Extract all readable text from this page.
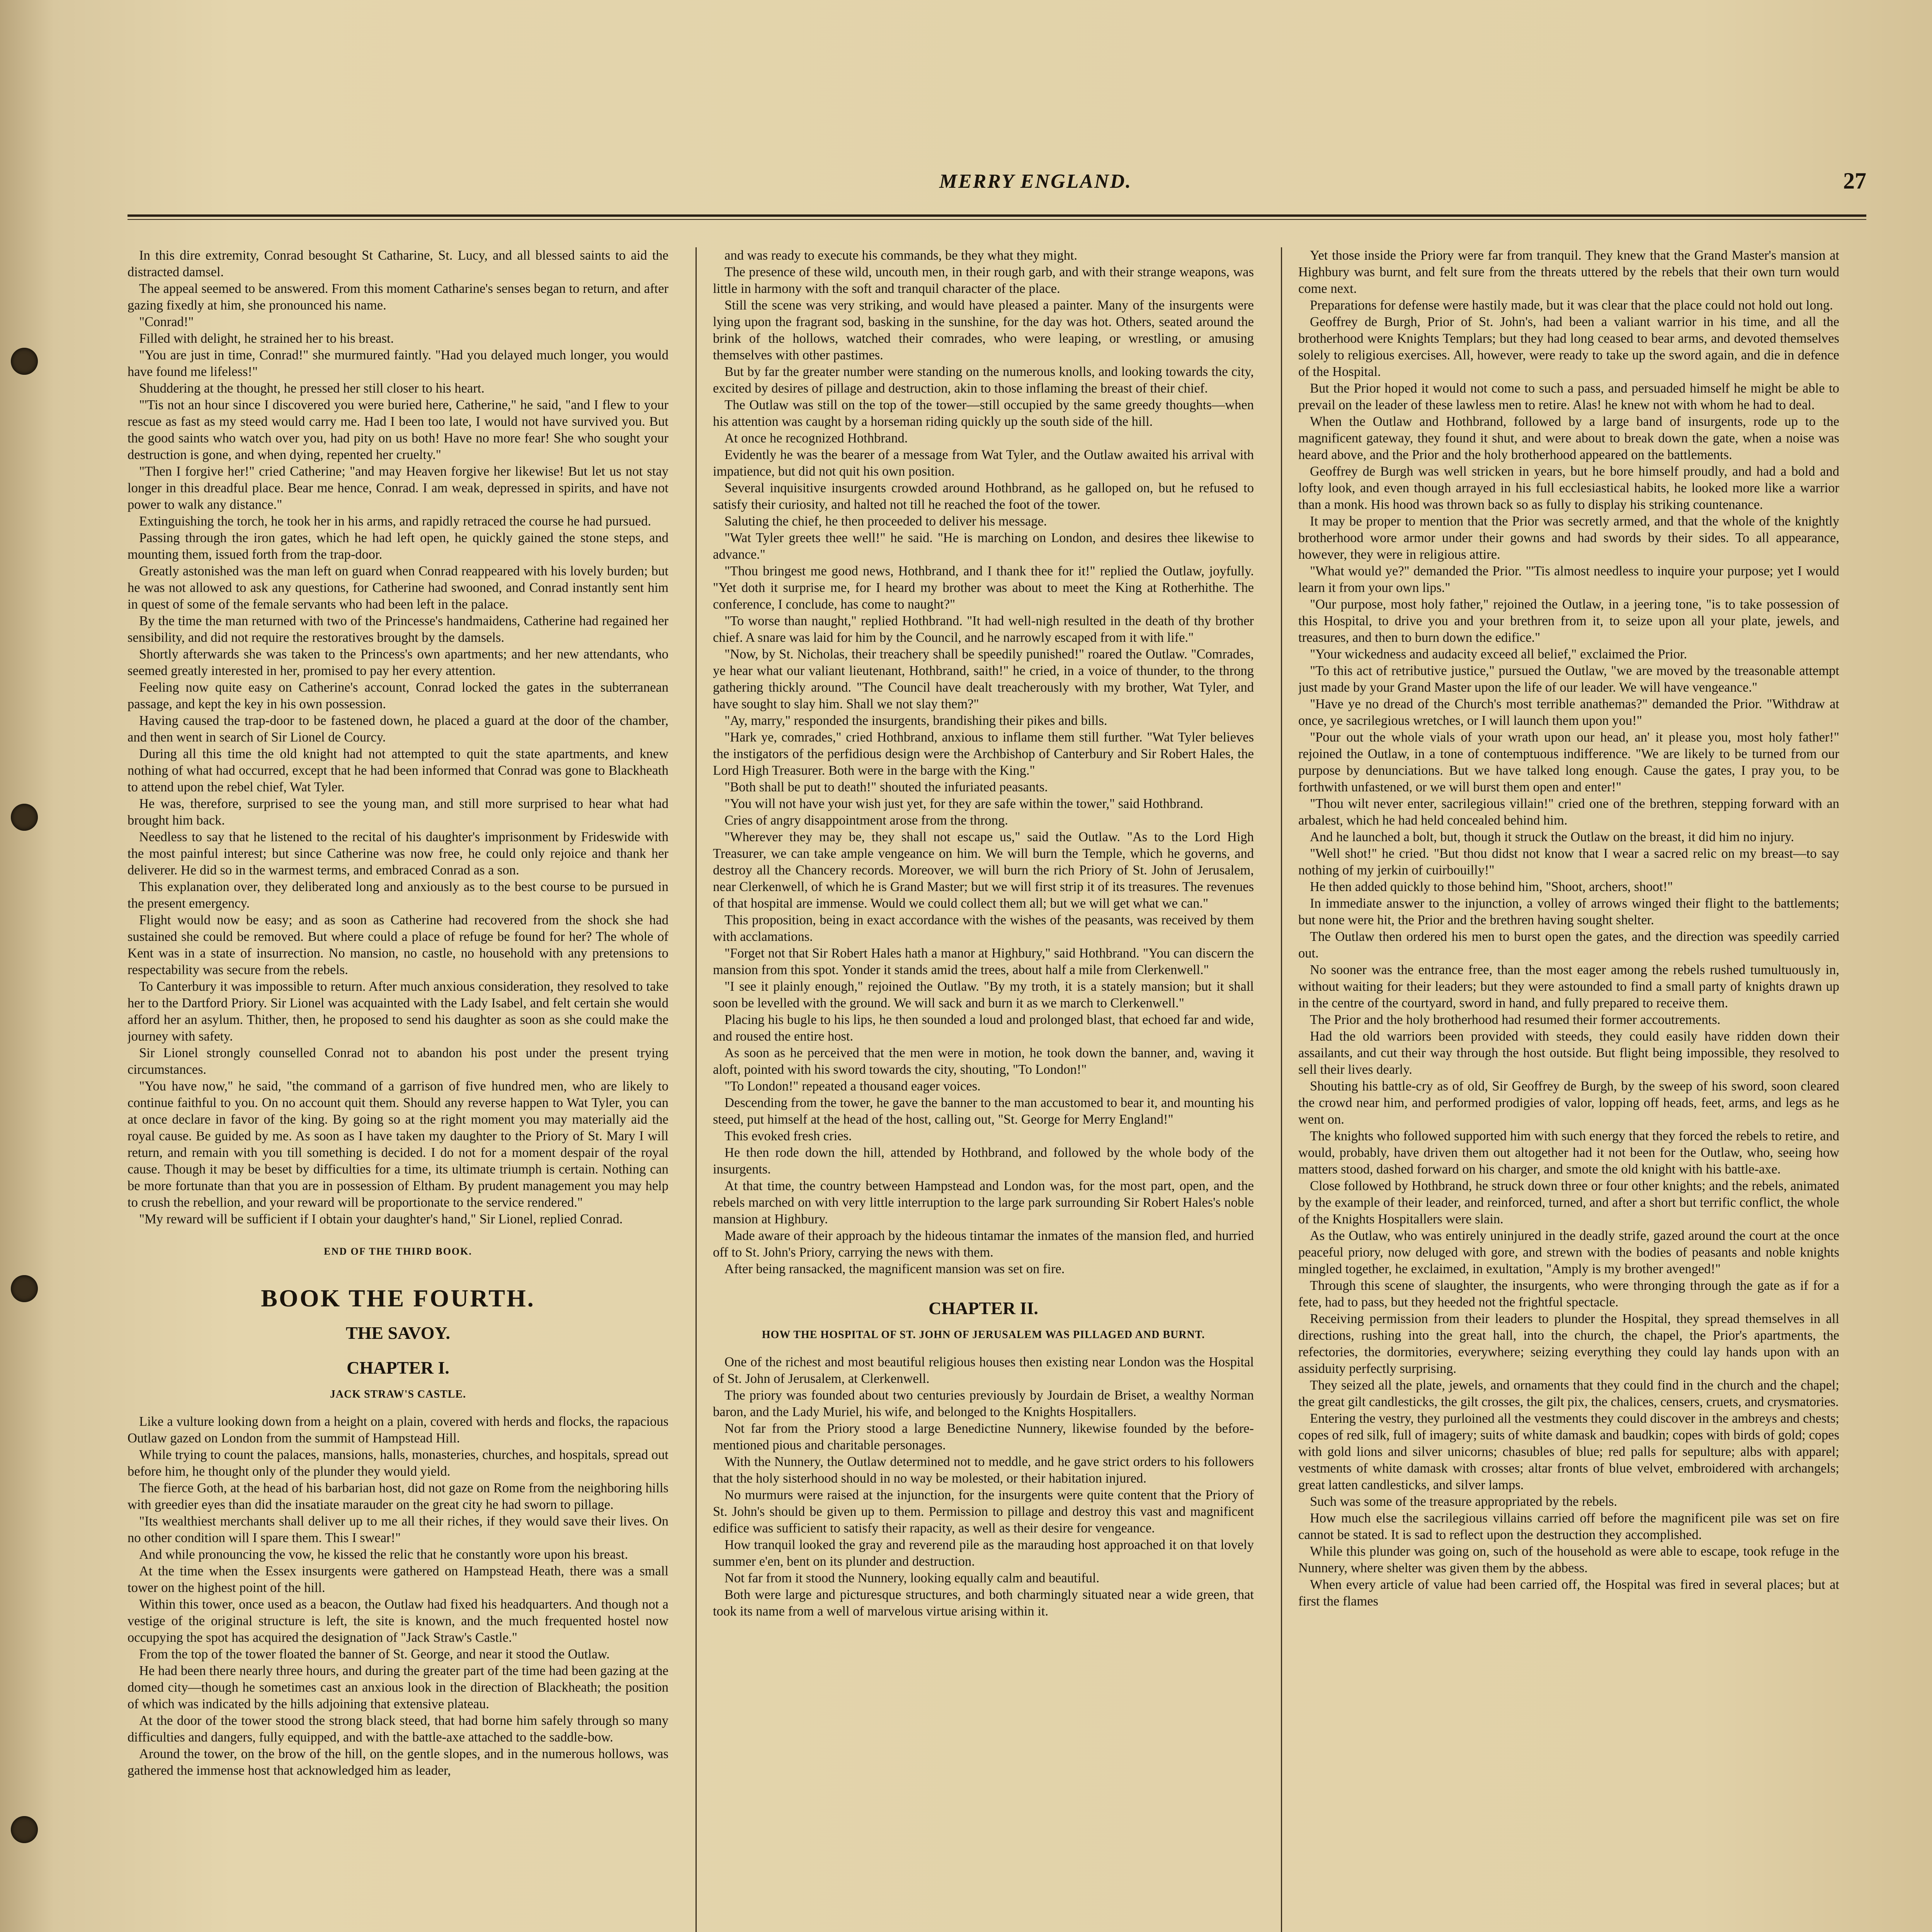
MERRY ENGLAND.	27

In this dire extremity, Conrad besought St Catharine, St. Lucy, and all blessed saints to aid the distracted damsel.

The appeal seemed to be answered. From this moment Catharine's senses began to return, and after gazing fixedly at him, she pronounced his name.

"Conrad!"

Filled with delight, he strained her to his breast.

"You are just in time, Conrad!" she murmured faintly. "Had you delayed much longer, you would have found me lifeless!"

Shuddering at the thought, he pressed her still closer to his heart.

"'Tis not an hour since I discovered you were buried here, Catherine," he said, "and I flew to your rescue as fast as my steed would carry me. Had I been too late, I would not have survived you. But the good saints who watch over you, had pity on us both! Have no more fear! She who sought your destruction is gone, and when dying, repented her cruelty."

"Then I forgive her!" cried Catherine; "and may Heaven forgive her likewise! But let us not stay longer in this dreadful place. Bear me hence, Conrad. I am weak, depressed in spirits, and have not power to walk any distance."

Extinguishing the torch, he took her in his arms, and rapidly retraced the course he had pursued.

Passing through the iron gates, which he had left open, he quickly gained the stone steps, and mounting them, issued forth from the trap-door.

Greatly astonished was the man left on guard when Conrad reappeared with his lovely burden; but he was not allowed to ask any questions, for Catherine had swooned, and Conrad instantly sent him in quest of some of the female servants who had been left in the palace.

By the time the man returned with two of the Princesse's handmaidens, Catherine had regained her sensibility, and did not require the restoratives brought by the damsels.

Shortly afterwards she was taken to the Princess's own apartments; and her new attendants, who seemed greatly interested in her, promised to pay her every attention.

Feeling now quite easy on Catherine's account, Conrad locked the gates in the subterranean passage, and kept the key in his own possession.

Having caused the trap-door to be fastened down, he placed a guard at the door of the chamber, and then went in search of Sir Lionel de Courcy.

During all this time the old knight had not attempted to quit the state apartments, and knew nothing of what had occurred, except that he had been informed that Conrad was gone to Blackheath to attend upon the rebel chief, Wat Tyler.

He was, therefore, surprised to see the young man, and still more surprised to hear what had brought him back.

Needless to say that he listened to the recital of his daughter's imprisonment by Frideswide with the most painful interest; but since Catherine was now free, he could only rejoice and thank her deliverer. He did so in the warmest terms, and embraced Conrad as a son.

This explanation over, they deliberated long and anxiously as to the best course to be pursued in the present emergency.

Flight would now be easy; and as soon as Catherine had recovered from the shock she had sustained she could be removed. But where could a place of refuge be found for her? The whole of Kent was in a state of insurrection. No mansion, no castle, no household with any pretensions to respectability was secure from the rebels.

To Canterbury it was impossible to return. After much anxious consideration, they resolved to take her to the Dartford Priory. Sir Lionel was acquainted with the Lady Isabel, and felt certain she would afford her an asylum. Thither, then, he proposed to send his daughter as soon as she could make the journey with safety.

Sir Lionel strongly counselled Conrad not to abandon his post under the present trying circumstances.

"You have now," he said, "the command of a garrison of five hundred men, who are likely to continue faithful to you. On no account quit them. Should any reverse happen to Wat Tyler, you can at once declare in favor of the king. By going so at the right moment you may materially aid the royal cause. Be guided by me. As soon as I have taken my daughter to the Priory of St. Mary I will return, and remain with you till something is decided. I do not for a moment despair of the royal cause. Though it may be beset by difficulties for a time, its ultimate triumph is certain. Nothing can be more fortunate than that you are in possession of Eltham. By prudent management you may help to crush the rebellion, and your reward will be proportionate to the service rendered."

"My reward will be sufficient if I obtain your daughter's hand," Sir Lionel, replied Conrad.

END OF THE THIRD BOOK.
BOOK THE FOURTH.
THE SAVOY.
CHAPTER I.
JACK STRAW'S CASTLE.

Like a vulture looking down from a height on a plain, covered with herds and flocks, the rapacious Outlaw gazed on London from the summit of Hampstead Hill.

While trying to count the palaces, mansions, halls, monasteries, churches, and hospitals, spread out before him, he thought only of the plunder they would yield.

The fierce Goth, at the head of his barbarian host, did not gaze on Rome from the neighboring hills with greedier eyes than did the insatiate marauder on the great city he had sworn to pillage.

"Its wealthiest merchants shall deliver up to me all their riches, if they would save their lives. On no other condition will I spare them. This I swear!"

And while pronouncing the vow, he kissed the relic that he constantly wore upon his breast.

At the time when the Essex insurgents were gathered on Hampstead Heath, there was a small tower on the highest point of the hill.

Within this tower, once used as a beacon, the Outlaw had fixed his headquarters. And though not a vestige of the original structure is left, the site is known, and the much frequented hostel now occupying the spot has acquired the designation of "Jack Straw's Castle."

From the top of the tower floated the banner of St. George, and near it stood the Outlaw.

He had been there nearly three hours, and during the greater part of the time had been gazing at the domed city—though he sometimes cast an anxious look in the direction of Blackheath; the position of which was indicated by the hills adjoining that extensive plateau.

At the door of the tower stood the strong black steed, that had borne him safely through so many difficulties and dangers, fully equipped, and with the battle-axe attached to the saddle-bow.

Around the tower, on the brow of the hill, on the gentle slopes, and in the numerous hollows, was gathered the immense host that acknowledged him as leader,

and was ready to execute his commands, be they what they might.

The presence of these wild, uncouth men, in their rough garb, and with their strange weapons, was little in harmony with the soft and tranquil character of the place.

Still the scene was very striking, and would have pleased a painter. Many of the insurgents were lying upon the fragrant sod, basking in the sunshine, for the day was hot. Others, seated around the brink of the hollows, watched their comrades, who were leaping, or wrestling, or amusing themselves with other pastimes.

But by far the greater number were standing on the numerous knolls, and looking towards the city, excited by desires of pillage and destruction, akin to those inflaming the breast of their chief.

The Outlaw was still on the top of the tower—still occupied by the same greedy thoughts—when his attention was caught by a horseman riding quickly up the south side of the hill.

At once he recognized Hothbrand.

Evidently he was the bearer of a message from Wat Tyler, and the Outlaw awaited his arrival with impatience, but did not quit his own position.

Several inquisitive insurgents crowded around Hothbrand, as he galloped on, but he refused to satisfy their curiosity, and halted not till he reached the foot of the tower.

Saluting the chief, he then proceeded to deliver his message.

"Wat Tyler greets thee well!" he said. "He is marching on London, and desires thee likewise to advance."

"Thou bringest me good news, Hothbrand, and I thank thee for it!" replied the Outlaw, joyfully. "Yet doth it surprise me, for I heard my brother was about to meet the King at Rotherhithe. The conference, I conclude, has come to naught?"

"To worse than naught," replied Hothbrand. "It had well-nigh resulted in the death of thy brother chief. A snare was laid for him by the Council, and he narrowly escaped from it with life."

"Now, by St. Nicholas, their treachery shall be speedily punished!" roared the Outlaw. "Comrades, ye hear what our valiant lieutenant, Hothbrand, saith!" he cried, in a voice of thunder, to the throng gathering thickly around. "The Council have dealt treacherously with my brother, Wat Tyler, and have sought to slay him. Shall we not slay them?"

"Ay, marry," responded the insurgents, brandishing their pikes and bills.

"Hark ye, comrades," cried Hothbrand, anxious to inflame them still further. "Wat Tyler believes the instigators of the perfidious design were the Archbishop of Canterbury and Sir Robert Hales, the Lord High Treasurer. Both were in the barge with the King."

"Both shall be put to death!" shouted the infuriated peasants.

"You will not have your wish just yet, for they are safe within the tower," said Hothbrand.

Cries of angry disappointment arose from the throng.

"Wherever they may be, they shall not escape us," said the Outlaw. "As to the Lord High Treasurer, we can take ample vengeance on him. We will burn the Temple, which he governs, and destroy all the Chancery records. Moreover, we will burn the rich Priory of St. John of Jerusalem, near Clerkenwell, of which he is Grand Master; but we will first strip it of its treasures. The revenues of that hospital are immense. Would we could collect them all; but we will get what we can."

This proposition, being in exact accordance with the wishes of the peasants, was received by them with acclamations.

"Forget not that Sir Robert Hales hath a manor at Highbury," said Hothbrand. "You can discern the mansion from this spot. Yonder it stands amid the trees, about half a mile from Clerkenwell."

"I see it plainly enough," rejoined the Outlaw. "By my troth, it is a stately mansion; but it shall soon be levelled with the ground. We will sack and burn it as we march to Clerkenwell."

Placing his bugle to his lips, he then sounded a loud and prolonged blast, that echoed far and wide, and roused the entire host.

As soon as he perceived that the men were in motion, he took down the banner, and, waving it aloft, pointed with his sword towards the city, shouting, "To London!"

"To London!" repeated a thousand eager voices.

Descending from the tower, he gave the banner to the man accustomed to bear it, and mounting his steed, put himself at the head of the host, calling out, "St. George for Merry England!"

This evoked fresh cries.

He then rode down the hill, attended by Hothbrand, and followed by the whole body of the insurgents.

At that time, the country between Hampstead and London was, for the most part, open, and the rebels marched on with very little interruption to the large park surrounding Sir Robert Hales's noble mansion at Highbury.

Made aware of their approach by the hideous tintamar the inmates of the mansion fled, and hurried off to St. John's Priory, carrying the news with them.

After being ransacked, the magnificent mansion was set on fire.

CHAPTER II.
HOW THE HOSPITAL OF ST. JOHN OF JERUSALEM WAS PILLAGED AND BURNT.

One of the richest and most beautiful religious houses then existing near London was the Hospital of St. John of Jerusalem, at Clerkenwell.

The priory was founded about two centuries previously by Jourdain de Briset, a wealthy Norman baron, and the Lady Muriel, his wife, and belonged to the Knights Hospitallers.

Not far from the Priory stood a large Benedictine Nunnery, likewise founded by the before-mentioned pious and charitable personages.

With the Nunnery, the Outlaw determined not to meddle, and he gave strict orders to his followers that the holy sisterhood should in no way be molested, or their habitation injured.

No murmurs were raised at the injunction, for the insurgents were quite content that the Priory of St. John's should be given up to them. Permission to pillage and destroy this vast and magnificent edifice was sufficient to satisfy their rapacity, as well as their desire for vengeance.

How tranquil looked the gray and reverend pile as the marauding host approached it on that lovely summer e'en, bent on its plunder and destruction.

Not far from it stood the Nunnery, looking equally calm and beautiful.

Both were large and picturesque structures, and both charmingly situated near a wide green, that took its name from a well of marvelous virtue arising within it.

Yet those inside the Priory were far from tranquil. They knew that the Grand Master's mansion at Highbury was burnt, and felt sure from the threats uttered by the rebels that their own turn would come next.

Preparations for defense were hastily made, but it was clear that the place could not hold out long.

Geoffrey de Burgh, Prior of St. John's, had been a valiant warrior in his time, and all the brotherhood were Knights Templars; but they had long ceased to bear arms, and devoted themselves solely to religious exercises. All, however, were ready to take up the sword again, and die in defence of the Hospital.

But the Prior hoped it would not come to such a pass, and persuaded himself he might be able to prevail on the leader of these lawless men to retire. Alas! he knew not with whom he had to deal.

When the Outlaw and Hothbrand, followed by a large band of insurgents, rode up to the magnificent gateway, they found it shut, and were about to break down the gate, when a noise was heard above, and the Prior and the holy brotherhood appeared on the battlements.

Geoffrey de Burgh was well stricken in years, but he bore himself proudly, and had a bold and lofty look, and even though arrayed in his full ecclesiastical habits, he looked more like a warrior than a monk. His hood was thrown back so as fully to display his striking countenance.

It may be proper to mention that the Prior was secretly armed, and that the whole of the knightly brotherhood wore armor under their gowns and had swords by their sides. To all appearance, however, they were in religious attire.

"What would ye?" demanded the Prior. "'Tis almost needless to inquire your purpose; yet I would learn it from your own lips."

"Our purpose, most holy father," rejoined the Outlaw, in a jeering tone, "is to take possession of this Hospital, to drive you and your brethren from it, to seize upon all your plate, jewels, and treasures, and then to burn down the edifice."

"Your wickedness and audacity exceed all belief," exclaimed the Prior.

"To this act of retributive justice," pursued the Outlaw, "we are moved by the treasonable attempt just made by your Grand Master upon the life of our leader. We will have vengeance."

"Have ye no dread of the Church's most terrible anathemas?" demanded the Prior. "Withdraw at once, ye sacrilegious wretches, or I will launch them upon you!"

"Pour out the whole vials of your wrath upon our head, an' it please you, most holy father!" rejoined the Outlaw, in a tone of contemptuous indifference. "We are likely to be turned from our purpose by denunciations. But we have talked long enough. Cause the gates, I pray you, to be forthwith unfastened, or we will burst them open and enter!"

"Thou wilt never enter, sacrilegious villain!" cried one of the brethren, stepping forward with an arbalest, which he had held concealed behind him.

And he launched a bolt, but, though it struck the Outlaw on the breast, it did him no injury.

"Well shot!" he cried. "But thou didst not know that I wear a sacred relic on my breast—to say nothing of my jerkin of cuirbouilly!"

He then added quickly to those behind him, "Shoot, archers, shoot!"

In immediate answer to the injunction, a volley of arrows winged their flight to the battlements; but none were hit, the Prior and the brethren having sought shelter.

The Outlaw then ordered his men to burst open the gates, and the direction was speedily carried out.

No sooner was the entrance free, than the most eager among the rebels rushed tumultuously in, without waiting for their leaders; but they were astounded to find a small party of knights drawn up in the centre of the courtyard, sword in hand, and fully prepared to receive them.

The Prior and the holy brotherhood had resumed their former accoutrements.

Had the old warriors been provided with steeds, they could easily have ridden down their assailants, and cut their way through the host outside. But flight being impossible, they resolved to sell their lives dearly.

Shouting his battle-cry as of old, Sir Geoffrey de Burgh, by the sweep of his sword, soon cleared the crowd near him, and performed prodigies of valor, lopping off heads, feet, arms, and legs as he went on.

The knights who followed supported him with such energy that they forced the rebels to retire, and would, probably, have driven them out altogether had it not been for the Outlaw, who, seeing how matters stood, dashed forward on his charger, and smote the old knight with his battle-axe.

Close followed by Hothbrand, he struck down three or four other knights; and the rebels, animated by the example of their leader, and reinforced, turned, and after a short but terrific conflict, the whole of the Knights Hospitallers were slain.

As the Outlaw, who was entirely uninjured in the deadly strife, gazed around the court at the once peaceful priory, now deluged with gore, and strewn with the bodies of peasants and noble knights mingled together, he exclaimed, in exultation, "Amply is my brother avenged!"

Through this scene of slaughter, the insurgents, who were thronging through the gate as if for a fete, had to pass, but they heeded not the frightful spectacle.

Receiving permission from their leaders to plunder the Hospital, they spread themselves in all directions, rushing into the great hall, into the church, the chapel, the Prior's apartments, the refectories, the dormitories, everywhere; seizing everything they could lay hands upon with an assiduity perfectly surprising.

They seized all the plate, jewels, and ornaments that they could find in the church and the chapel; the great gilt candlesticks, the gilt crosses, the gilt pix, the chalices, censers, cruets, and crysmatories.

Entering the vestry, they purloined all the vestments they could discover in the ambreys and chests; copes of red silk, full of imagery; suits of white damask and baudkin; copes with birds of gold; copes with gold lions and silver unicorns; chasubles of blue; red palls for sepulture; albs with apparel; vestments of white damask with crosses; altar fronts of blue velvet, embroidered with archangels; great latten candlesticks, and silver lamps.

Such was some of the treasure appropriated by the rebels.

How much else the sacrilegious villains carried off before the magnificent pile was set on fire cannot be stated. It is sad to reflect upon the destruction they accomplished.

While this plunder was going on, such of the household as were able to escape, took refuge in the Nunnery, where shelter was given them by the abbess.

When every article of value had been carried off, the Hospital was fired in several places; but at first the flames
